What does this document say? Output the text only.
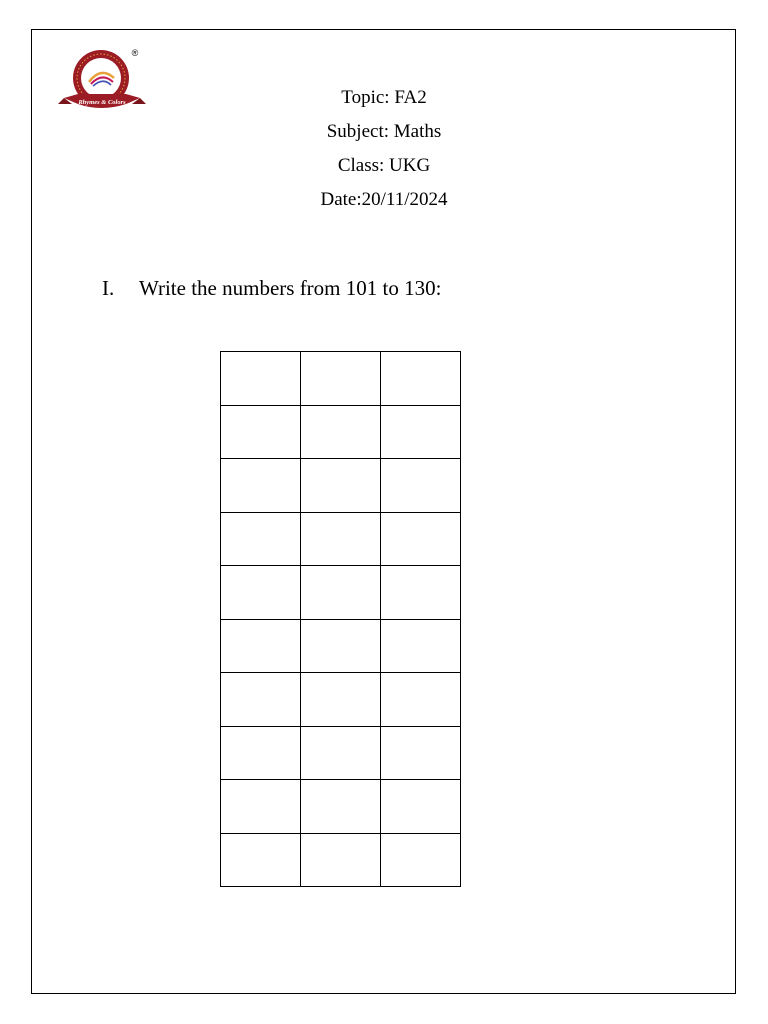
Rhymes & Colors
®
Topic: FA2
Subject: Maths
Class: UKG
Date:20/11/2024
I.	Write the numbers from 101 to 130:
